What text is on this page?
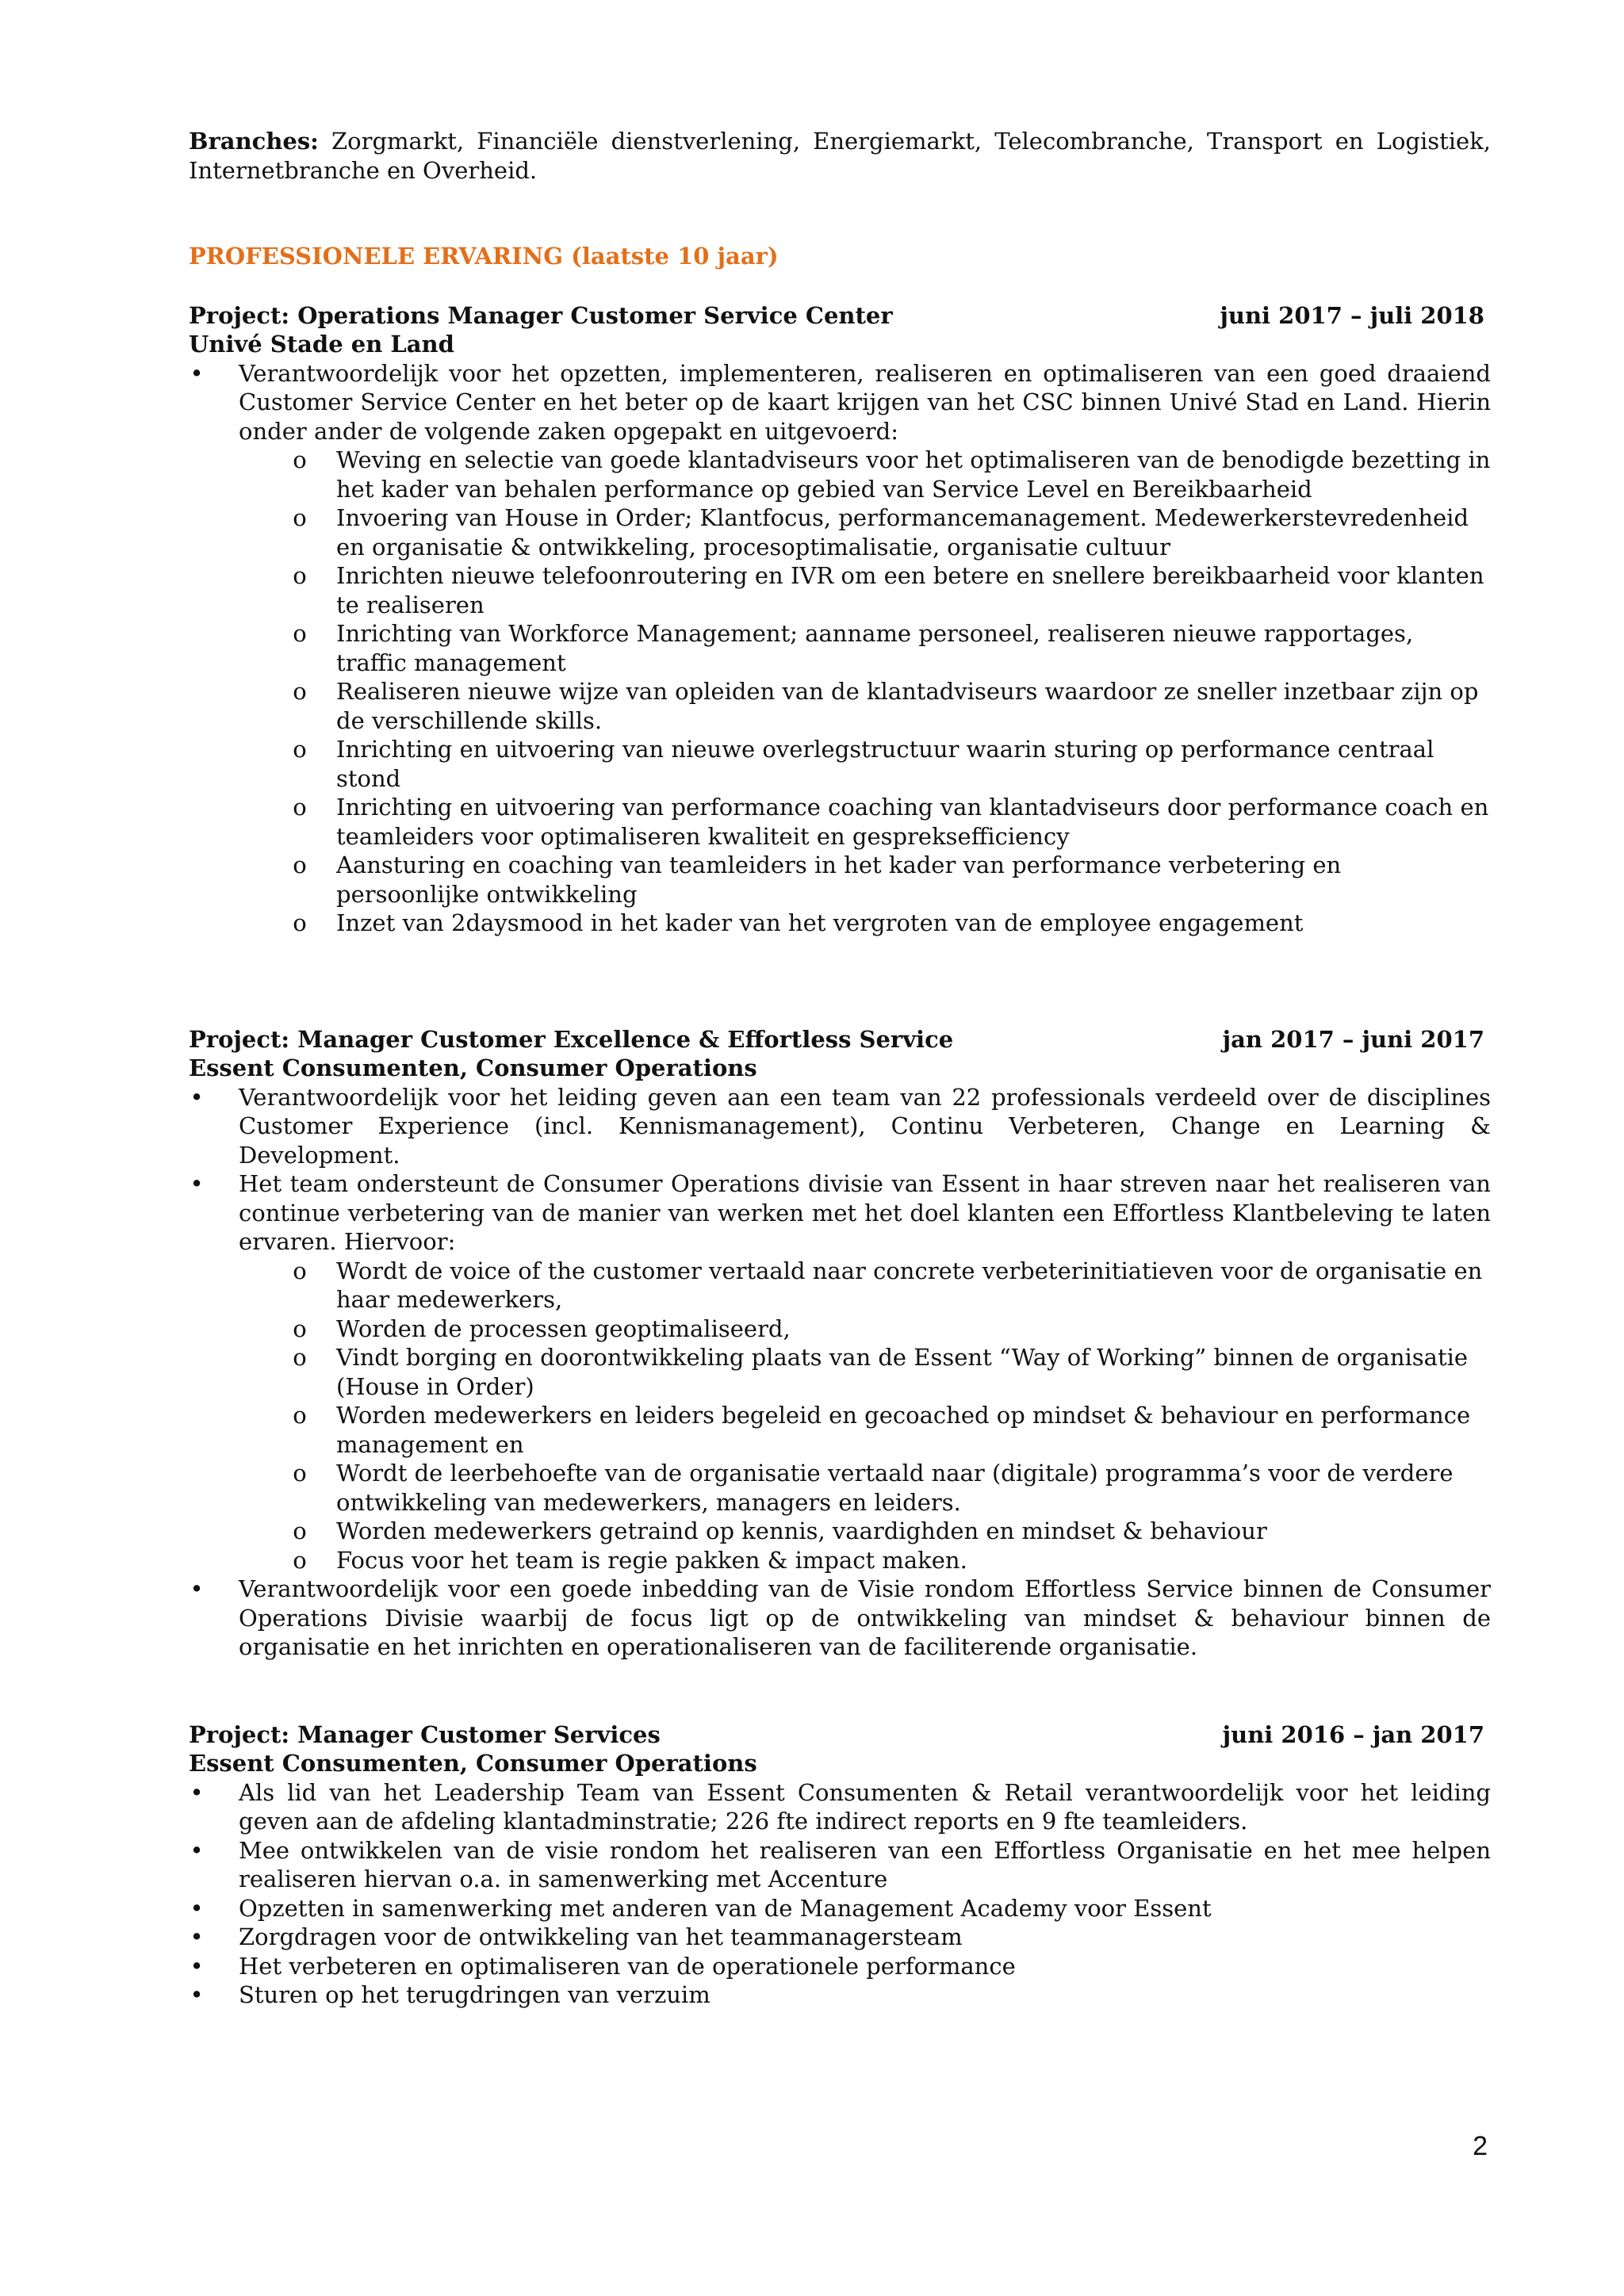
Branches: Zorgmarkt, Financiële dienstverlening, Energiemarkt, Telecombranche, Transport en Logistiek, Internetbranche en Overheid.

PROFESSIONELE ERVARING (laatste 10 jaar)
Project: Operations Manager Customer Service Center	juni 2017 – juli 2018
Univé Stade en Land
• Verantwoordelijk voor het opzetten, implementeren, realiseren en optimaliseren van een goed draaiend Customer Service Center en het beter op de kaart krijgen van het CSC binnen Univé Stad en Land. Hierin onder ander de volgende zaken opgepakt en uitgevoerd:
o Weving en selectie van goede klantadviseurs voor het optimaliseren van de benodigde bezetting in het kader van behalen performance op gebied van Service Level en Bereikbaarheid
o Invoering van House in Order; Klantfocus, performancemanagement. Medewerkerstevredenheid en organisatie & ontwikkeling, procesoptimalisatie, organisatie cultuur
o Inrichten nieuwe telefoonroutering en IVR om een betere en snellere bereikbaarheid voor klanten te realiseren
o Inrichting van Workforce Management; aanname personeel, realiseren nieuwe rapportages, traffic management
o Realiseren nieuwe wijze van opleiden van de klantadviseurs waardoor ze sneller inzetbaar zijn op de verschillende skills.
o Inrichting en uitvoering van nieuwe overlegstructuur waarin sturing op performance centraal stond
o Inrichting en uitvoering van performance coaching van klantadviseurs door performance coach en teamleiders voor optimaliseren kwaliteit en gespreksefficiency
o Aansturing en coaching van teamleiders in het kader van performance verbetering en persoonlijke ontwikkeling
o Inzet van 2daysmood in het kader van het vergroten van de employee engagement
Project: Manager Customer Excellence & Effortless Service	jan 2017 – juni 2017
Essent Consumenten, Consumer Operations
• Verantwoordelijk voor het leiding geven aan een team van 22 professionals verdeeld over de disciplines Customer Experience (incl. Kennismanagement), Continu Verbeteren, Change en Learning & Development.
• Het team ondersteunt de Consumer Operations divisie van Essent in haar streven naar het realiseren van continue verbetering van de manier van werken met het doel klanten een Effortless Klantbeleving te laten ervaren. Hiervoor:
o Wordt de voice of the customer vertaald naar concrete verbeterinitiatieven voor de organisatie en haar medewerkers,
o Worden de processen geoptimaliseerd,
o Vindt borging en doorontwikkeling plaats van de Essent “Way of Working” binnen de organisatie (House in Order)
o Worden medewerkers en leiders begeleid en gecoached op mindset & behaviour en performance management en
o Wordt de leerbehoefte van de organisatie vertaald naar (digitale) programma’s voor de verdere ontwikkeling van medewerkers, managers en leiders.
o Worden medewerkers getraind op kennis, vaardighden en mindset & behaviour
o Focus voor het team is regie pakken & impact maken.
• Verantwoordelijk voor een goede inbedding van de Visie rondom Effortless Service binnen de Consumer Operations Divisie waarbij de focus ligt op de ontwikkeling van mindset & behaviour binnen de organisatie en het inrichten en operationaliseren van de faciliterende organisatie.
Project: Manager Customer Services	juni 2016 – jan 2017
Essent Consumenten, Consumer Operations
• Als lid van het Leadership Team van Essent Consumenten & Retail verantwoordelijk voor het leiding geven aan de afdeling klantadminstratie; 226 fte indirect reports en 9 fte teamleiders.
• Mee ontwikkelen van de visie rondom het realiseren van een Effortless Organisatie en het mee helpen realiseren hiervan o.a. in samenwerking met Accenture
• Opzetten in samenwerking met anderen van de Management Academy voor Essent
• Zorgdragen voor de ontwikkeling van het teammanagersteam
• Het verbeteren en optimaliseren van de operationele performance
• Sturen op het terugdringen van verzuim
2
